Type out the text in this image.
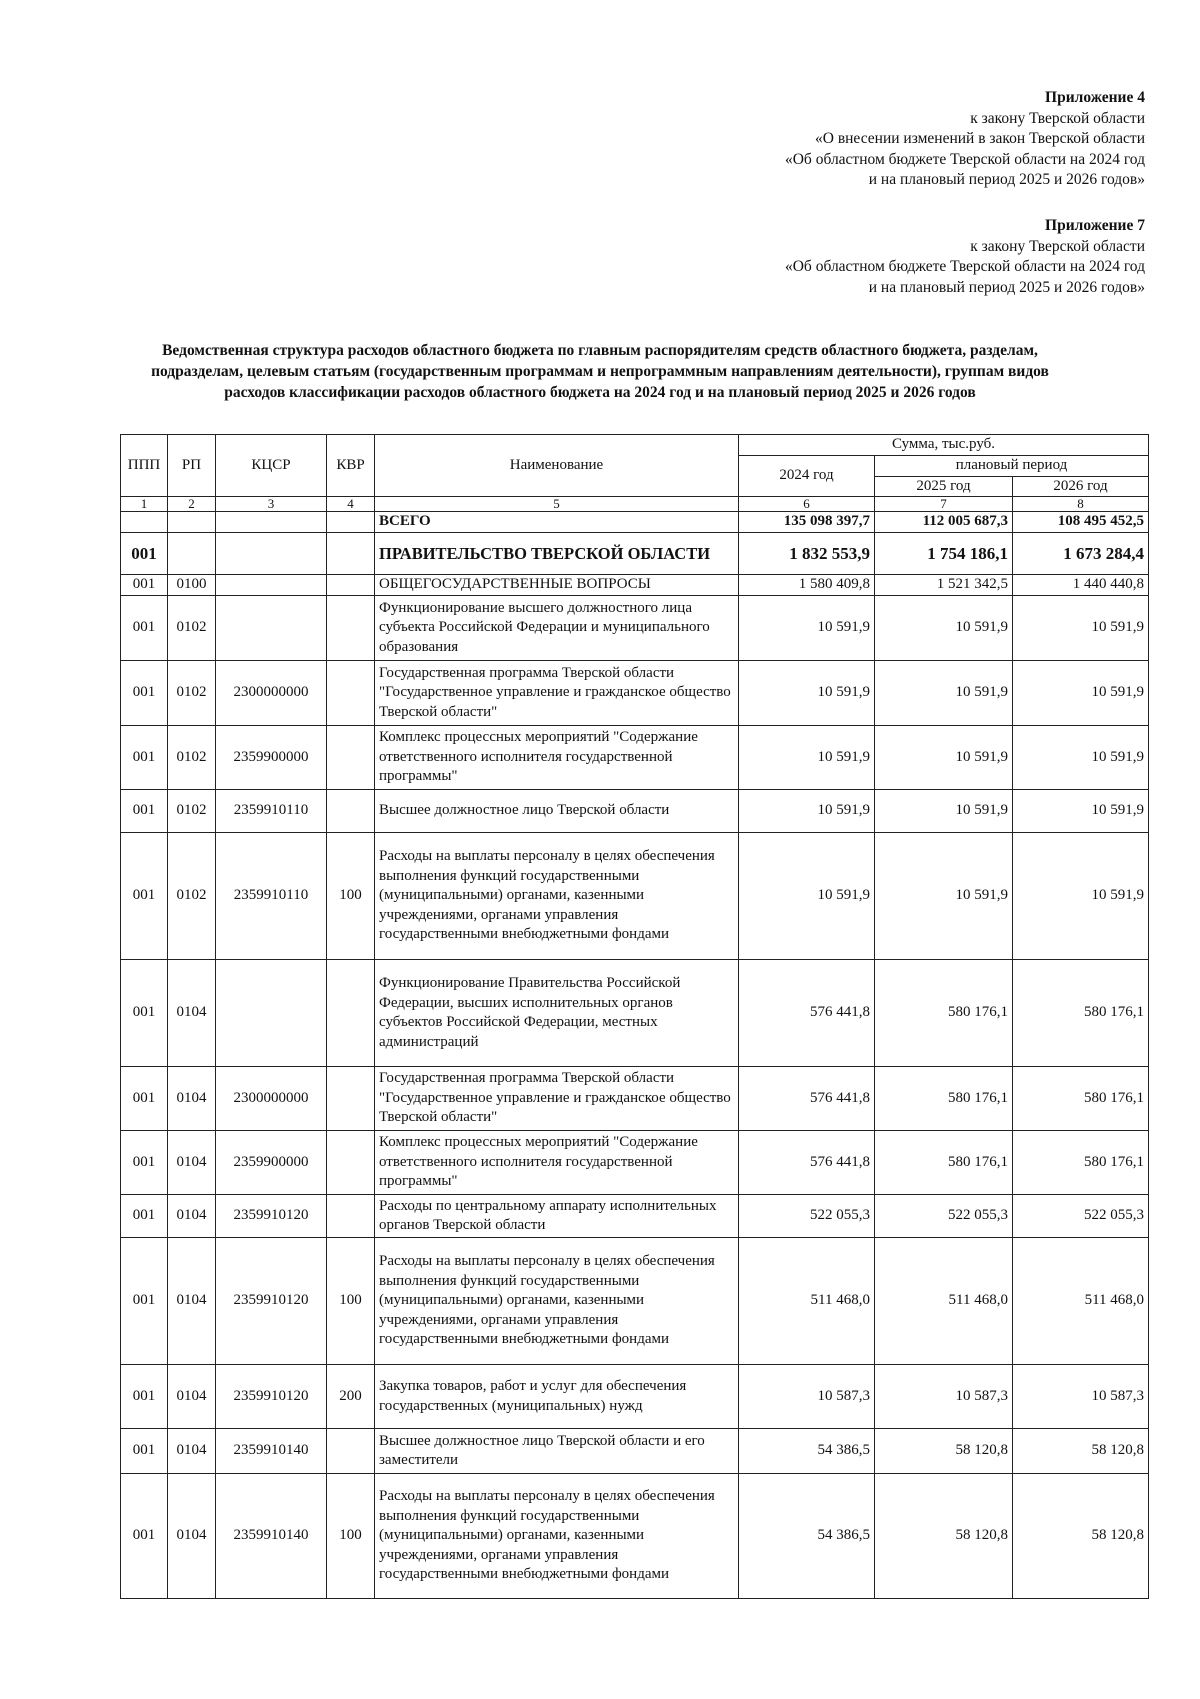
Приложение 4
к закону Тверской области
«О внесении изменений в закон Тверской области
«Об областном бюджете Тверской области на 2024 год
и на плановый период 2025 и 2026 годов»
Приложение 7
к закону Тверской области
«Об областном бюджете Тверской области на 2024 год
и на плановый период 2025 и 2026 годов»
Ведомственная структура расходов областного бюджета по главным распорядителям средств областного бюджета, разделам,
подразделам, целевым статьям (государственным программам и непрограммным направлениям деятельности), группам видов
расходов классификации расходов областного бюджета на 2024 год и на плановый период 2025 и 2026 годов
ППП	РП	КЦСР	КВР	Наименование	Сумма, тыс.руб.		
					2024 год	плановый период	
						2025 год	2026 год
1	2	3	4	5	6	7	8
				ВСЕГО	135 098 397,7	112 005 687,3	108 495 452,5
001				ПРАВИТЕЛЬСТВО ТВЕРСКОЙ ОБЛАСТИ	1 832 553,9	1 754 186,1	1 673 284,4
001	0100			ОБЩЕГОСУДАРСТВЕННЫЕ ВОПРОСЫ	1 580 409,8	1 521 342,5	1 440 440,8
001	0102			Функционирование высшего должностного лица субъекта Российской Федерации и муниципального образования	10 591,9	10 591,9	10 591,9
001	0102	2300000000		Государственная программа Тверской области "Государственное управление и гражданское общество Тверской области"	10 591,9	10 591,9	10 591,9
001	0102	2359900000		Комплекс процессных мероприятий "Содержание ответственного исполнителя государственной программы"	10 591,9	10 591,9	10 591,9
001	0102	2359910110		Высшее должностное лицо Тверской области	10 591,9	10 591,9	10 591,9
001	0102	2359910110	100	Расходы на выплаты персоналу в целях обеспечения выполнения функций государственными (муниципальными) органами, казенными учреждениями, органами управления государственными внебюджетными фондами	10 591,9	10 591,9	10 591,9
001	0104			Функционирование Правительства Российской Федерации, высших исполнительных органов субъектов Российской Федерации, местных администраций	576 441,8	580 176,1	580 176,1
001	0104	2300000000		Государственная программа Тверской области "Государственное управление и гражданское общество Тверской области"	576 441,8	580 176,1	580 176,1
001	0104	2359900000		Комплекс процессных мероприятий "Содержание ответственного исполнителя государственной программы"	576 441,8	580 176,1	580 176,1
001	0104	2359910120		Расходы по центральному аппарату исполнительных органов Тверской области	522 055,3	522 055,3	522 055,3
001	0104	2359910120	100	Расходы на выплаты персоналу в целях обеспечения выполнения функций государственными (муниципальными) органами, казенными учреждениями, органами управления государственными внебюджетными фондами	511 468,0	511 468,0	511 468,0
001	0104	2359910120	200	Закупка товаров, работ и услуг для обеспечения государственных (муниципальных) нужд	10 587,3	10 587,3	10 587,3
001	0104	2359910140		Высшее должностное лицо Тверской области и его заместители	54 386,5	58 120,8	58 120,8
001	0104	2359910140	100	Расходы на выплаты персоналу в целях обеспечения выполнения функций государственными (муниципальными) органами, казенными учреждениями, органами управления государственными внебюджетными фондами	54 386,5	58 120,8	58 120,8
